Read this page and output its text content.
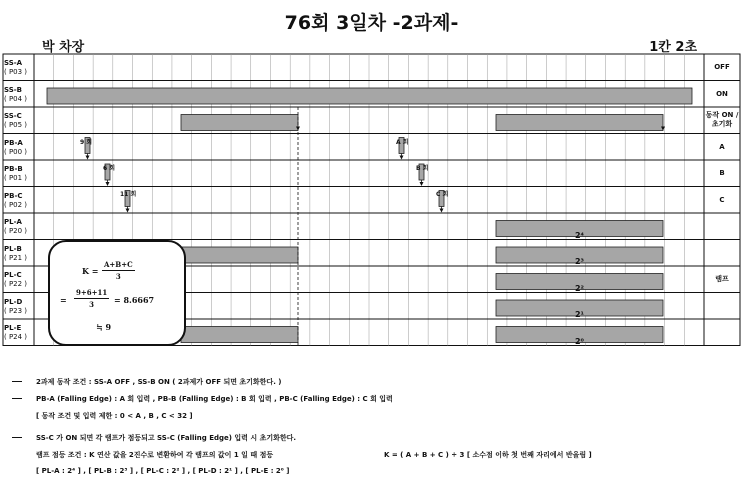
76회 3일차 -2과제-
박 차장	1칸 2초
SS-A
( P03 )
SS-B
( P04 )
SS-C
( P05 )
PB-A
( P00 )
PB-B
( P01 )
PB-C
( P02 )
PL-A
( P20 )
PL-B
( P21 )
PL-C
( P22 )
PL-D
( P23 )
PL-E
( P24 )
OFF
ON
동작 ON / 초기화
A
B
C
램프
9 회
6 회
11 회
A 회
B 회
C 회
2⁴
2³
2²
2¹
2⁰
$K = \frac{A+B+C}{3}$
= $\frac{9+6+11}{3} = 8.6667$
≒ 9
2과제 동작 조건 : SS-A OFF , SS-B ON ( 2과제가 OFF 되면 초기화한다. )
PB-A (Falling Edge) : A 회 입력 , PB-B (Falling Edge) : B 회 입력 , PB-C (Falling Edge) : C 회 입력
[ 동작 조건 및 입력 제한 : 0 < A , B , C < 32 ]
SS-C 가 ON 되면 각 램프가 점등되고 SS-C (Falling Edge) 입력 시 초기화한다.
램프 점등 조건 : K 연산 값을 2진수로 변환하여 각 램프의 값이 1 일 때 점등	K = ( A + B + C ) ÷ 3 [ 소수점 이하 첫 번째 자리에서 반올림 ]
[ PL-A : 2⁴ ] , [ PL-B : 2³ ] , [ PL-C : 2² ] , [ PL-D : 2¹ ] , [ PL-E : 2⁰ ]
